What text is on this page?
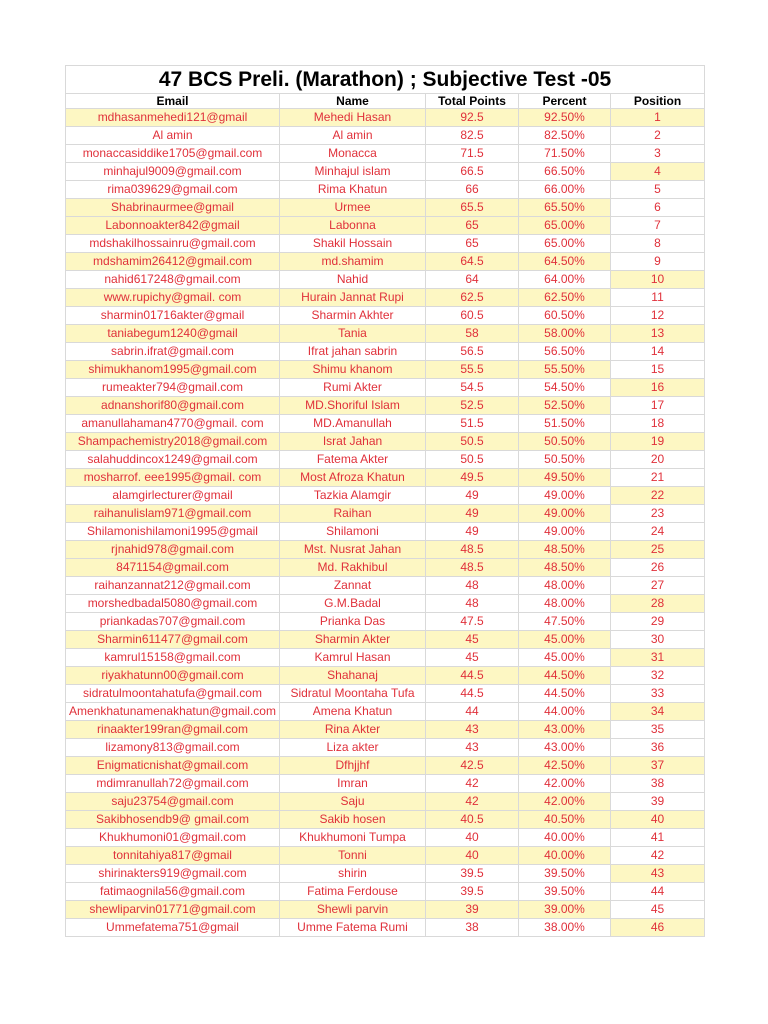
47 BCS Preli. (Marathon) ; Subjective Test -05				
Email	Name	Total Points	Percent	Position
mdhasanmehedi121@gmail	Mehedi Hasan	92.5	92.50%	1
Al amin	Al amin	82.5	82.50%	2
monaccasiddike1705@gmail.com	Monacca	71.5	71.50%	3
minhajul9009@gmail.com	Minhajul islam	66.5	66.50%	4
rima039629@gmail.com	Rima Khatun	66	66.00%	5
Shabrinaurmee@gmail	Urmee	65.5	65.50%	6
Labonnoakter842@gmail	Labonna	65	65.00%	7
mdshakilhossainru@gmail.com	Shakil Hossain	65	65.00%	8
mdshamim26412@gmail.com	md.shamim	64.5	64.50%	9
nahid617248@gmail.com	Nahid	64	64.00%	10
www.rupichy@gmail. com	Hurain Jannat Rupi	62.5	62.50%	11
sharmin01716akter@gmail	Sharmin Akhter	60.5	60.50%	12
taniabegum1240@gmail	Tania	58	58.00%	13
sabrin.ifrat@gmail.com	Ifrat jahan sabrin	56.5	56.50%	14
shimukhanom1995@gmail.com	Shimu khanom	55.5	55.50%	15
rumeakter794@gmail.com	Rumi Akter	54.5	54.50%	16
adnanshorif80@gmail.com	MD.Shoriful Islam	52.5	52.50%	17
amanullahaman4770@gmail. com	MD.Amanullah	51.5	51.50%	18
Shampachemistry2018@gmail.com	Israt Jahan	50.5	50.50%	19
salahuddincox1249@gmail.com	Fatema Akter	50.5	50.50%	20
mosharrof. eee1995@gmail. com	Most Afroza Khatun	49.5	49.50%	21
alamgirlecturer@gmail	Tazkia Alamgir	49	49.00%	22
raihanulislam971@gmail.com	Raihan	49	49.00%	23
Shilamonishilamoni1995@gmail	Shilamoni	49	49.00%	24
rjnahid978@gmail.com	Mst. Nusrat Jahan	48.5	48.50%	25
8471154@gmail.com	Md. Rakhibul	48.5	48.50%	26
raihanzannat212@gmail.com	Zannat	48	48.00%	27
morshedbadal5080@gmail.com	G.M.Badal	48	48.00%	28
priankadas707@gmail.com	Prianka Das	47.5	47.50%	29
Sharmin611477@gmail.com	Sharmin Akter	45	45.00%	30
kamrul15158@gmail.com	Kamrul Hasan	45	45.00%	31
riyakhatunn00@gmail.com	Shahanaj	44.5	44.50%	32
sidratulmoontahatufa@gmail.com	Sidratul Moontaha Tufa	44.5	44.50%	33
Amenkhatunamenakhatun@gmail.com	Amena Khatun	44	44.00%	34
rinaakter199ran@gmail.com	Rina Akter	43	43.00%	35
lizamony813@gmail.com	Liza akter	43	43.00%	36
Enigmaticnishat@gmail.com	Dfhjjhf	42.5	42.50%	37
mdimranullah72@gmail.com	Imran	42	42.00%	38
saju23754@gmail.com	Saju	42	42.00%	39
Sakibhosendb9@ gmail.com	Sakib hosen	40.5	40.50%	40
Khukhumoni01@gmail.com	Khukhumoni Tumpa	40	40.00%	41
tonnitahiya817@gmail	Tonni	40	40.00%	42
shirinakters919@gmail.com	shirin	39.5	39.50%	43
fatimaognila56@gmail.com	Fatima Ferdouse	39.5	39.50%	44
shewliparvin01771@gmail.com	Shewli parvin	39	39.00%	45
Ummefatema751@gmail	Umme Fatema Rumi	38	38.00%	46
